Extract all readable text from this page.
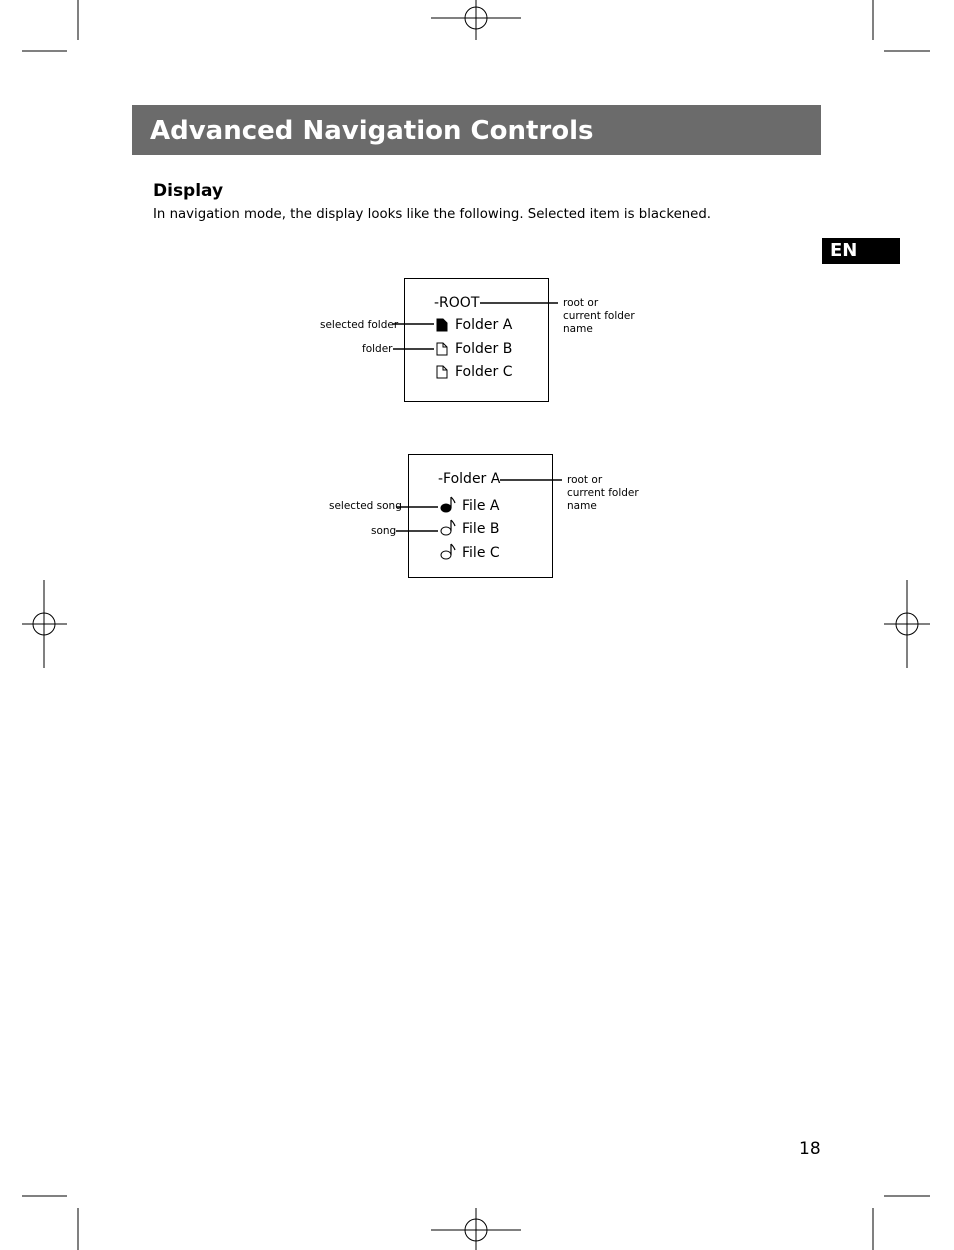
Advanced Navigation Controls
Display
In navigation mode, the display looks like the following. Selected item is blackened.
EN
-ROOT
Folder A
Folder B
Folder C
selected folder
folder
root or
current folder
name
-Folder A
File A
File B
File C
selected song
song
root or
current folder
name
18
